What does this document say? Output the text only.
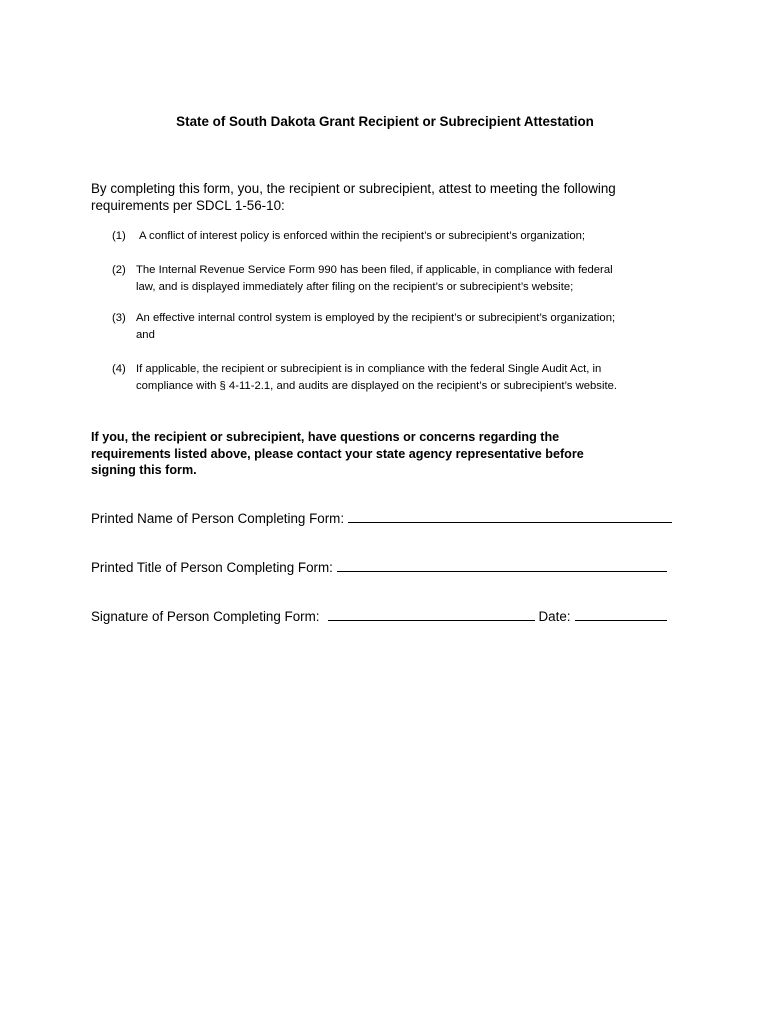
State of South Dakota Grant Recipient or Subrecipient Attestation
By completing this form, you, the recipient or subrecipient, attest to meeting the following
requirements per SDCL 1-56-10:
(1) A conflict of interest policy is enforced within the recipient’s or subrecipient’s organization;
(2) The Internal Revenue Service Form 990 has been filed, if applicable, in compliance with federal
law, and is displayed immediately after filing on the recipient’s or subrecipient’s website;
(3) An effective internal control system is employed by the recipient’s or subrecipient’s organization;
and
(4) If applicable, the recipient or subrecipient is in compliance with the federal Single Audit Act, in
compliance with § 4-11-2.1, and audits are displayed on the recipient’s or subrecipient’s website.
If you, the recipient or subrecipient, have questions or concerns regarding the
requirements listed above, please contact your state agency representative before
signing this form.
Printed Name of Person Completing Form:
Printed Title of Person Completing Form:
Signature of Person Completing Form:	Date:
